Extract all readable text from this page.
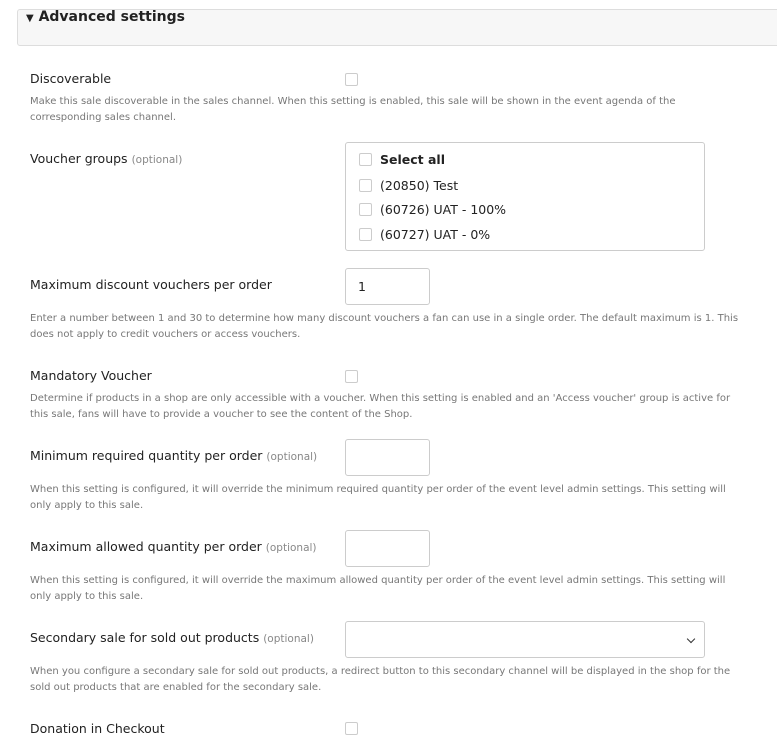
▼ Advanced settings
Discoverable
Make this sale discoverable in the sales channel. When this setting is enabled, this sale will be shown in the event agenda of the corresponding sales channel.
Voucher groups (optional)	Select all
(20850) Test
(60726) UAT - 100%
(60727) UAT - 0%
Maximum discount vouchers per order	1
Enter a number between 1 and 30 to determine how many discount vouchers a fan can use in a single order. The default maximum is 1. This does not apply to credit vouchers or access vouchers.
Mandatory Voucher
Determine if products in a shop are only accessible with a voucher. When this setting is enabled and an 'Access voucher' group is active for this sale, fans will have to provide a voucher to see the content of the Shop.
Minimum required quantity per order (optional)
When this setting is configured, it will override the minimum required quantity per order of the event level admin settings. This setting will only apply to this sale.
Maximum allowed quantity per order (optional)
When this setting is configured, it will override the maximum allowed quantity per order of the event level admin settings. This setting will only apply to this sale.
Secondary sale for sold out products (optional)
When you configure a secondary sale for sold out products, a redirect button to this secondary channel will be displayed in the shop for the sold out products that are enabled for the secondary sale.
Donation in Checkout
